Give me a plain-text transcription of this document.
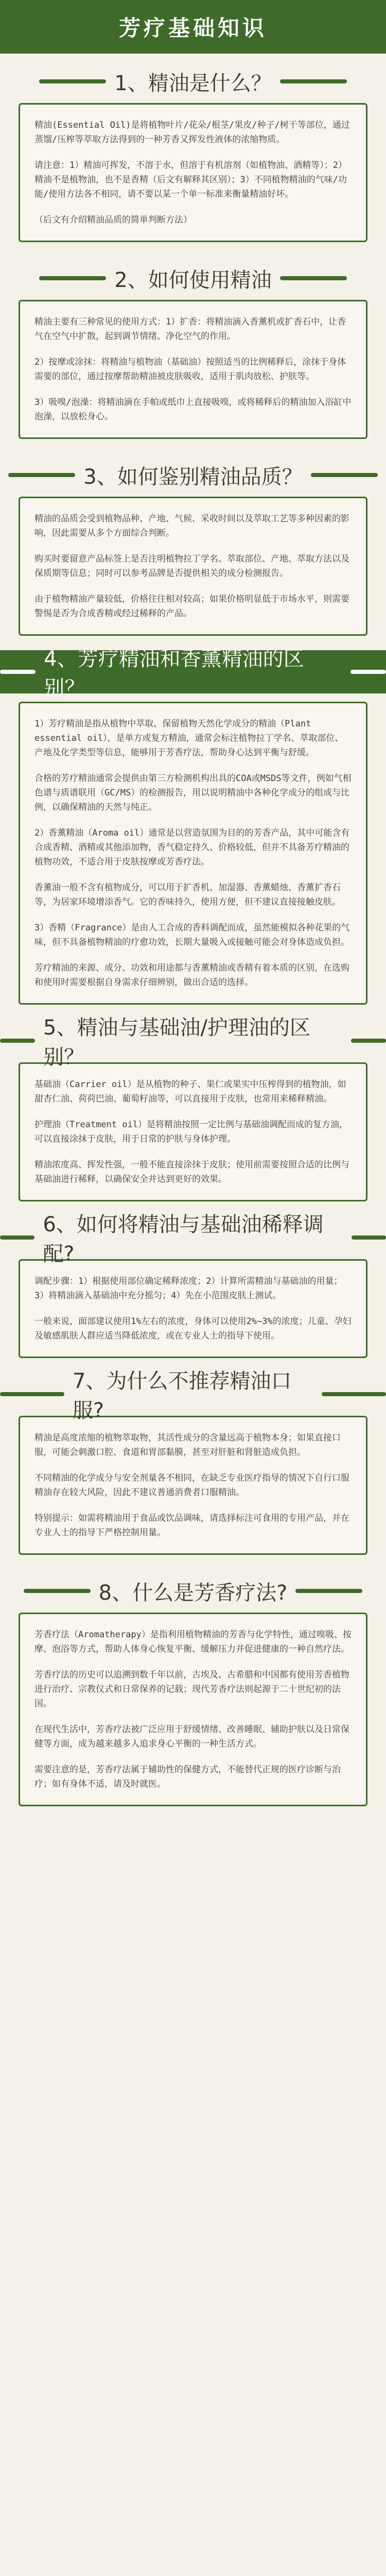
芳疗基础知识
1、精油是什么？

精油(Essential Oil)是将植物叶片/花朵/根茎/果皮/种子/树干等部位，通过蒸馏/压榨等萃取方法得到的一种芳香又挥发性液体的浓缩物质。

请注意：1）精油可挥发，不溶于水，但溶于有机溶剂（如植物油、酒精等）；2）精油不是植物油，也不是香精（后文有解释其区别）；3）不同植物精油的气味/功能/使用方法各不相同，请不要以某一个单一标准来衡量精油好坏。

（后文有介绍精油品质的简单判断方法）

2、如何使用精油

精油主要有三种常见的使用方式：1）扩香：将精油滴入香薰机或扩香石中，让香气在空气中扩散，起到调节情绪、净化空气的作用。

2）按摩或涂抹：将精油与植物油（基础油）按照适当的比例稀释后，涂抹于身体需要的部位，通过按摩帮助精油被皮肤吸收，适用于肌肉放松、护肤等。

3）吸嗅/泡澡：将精油滴在手帕或纸巾上直接吸嗅，或将稀释后的精油加入浴缸中泡澡，以放松身心。

3、如何鉴别精油品质？

精油的品质会受到植物品种、产地、气候、采收时间以及萃取工艺等多种因素的影响，因此需要从多个方面综合判断。

购买时要留意产品标签上是否注明植物拉丁学名、萃取部位、产地、萃取方法以及保质期等信息；同时可以参考品牌是否提供相关的成分检测报告。

由于植物精油产量较低，价格往往相对较高；如果价格明显低于市场水平，则需要警惕是否为合成香精或经过稀释的产品。

4、芳疗精油和香薰精油的区别？

1）芳疗精油是指从植物中萃取、保留植物天然化学成分的精油（Plant essential oil），是单方或复方精油，通常会标注植物拉丁学名、萃取部位、产地及化学类型等信息，能够用于芳香疗法，帮助身心达到平衡与舒缓。

合格的芳疗精油通常会提供由第三方检测机构出具的COA或MSDS等文件，例如气相色谱与质谱联用（GC/MS）的检测报告，用以说明精油中各种化学成分的组成与比例，以确保精油的天然与纯正。

2）香薰精油（Aroma oil）通常是以营造氛围为目的的芳香产品，其中可能含有合成香精、酒精或其他添加物，香气稳定持久、价格较低，但并不具备芳疗精油的植物功效，不适合用于皮肤按摩或芳香疗法。

香薰油一般不含有植物成分，可以用于扩香机、加湿器、香薰蜡烛、香薰扩香石等，为居家环境增添香气。它的香味持久，使用方便，但不建议直接接触皮肤。

3）香精（Fragrance）是由人工合成的香料调配而成，虽然能模拟各种花果的气味，但不具备植物精油的疗愈功效，长期大量吸入或接触可能会对身体造成负担。

芳疗精油的来源、成分、功效和用途都与香薰精油或香精有着本质的区别，在选购和使用时需要根据自身需求仔细辨别，做出合适的选择。

5、精油与基础油/护理油的区别？

基础油（Carrier oil）是从植物的种子、果仁或果实中压榨得到的植物油，如甜杏仁油、荷荷巴油、葡萄籽油等，可以直接用于皮肤，也常用来稀释精油。

护理油（Treatment oil）是将精油按照一定比例与基础油调配而成的复方油，可以直接涂抹于皮肤，用于日常的护肤与身体护理。

精油浓度高、挥发性强，一般不能直接涂抹于皮肤；使用前需要按照合适的比例与基础油进行稀释，以确保安全并达到更好的效果。

6、如何将精油与基础油稀释调配?

调配步骤：1）根据使用部位确定稀释浓度；2）计算所需精油与基础油的用量；3）将精油滴入基础油中充分摇匀；4）先在小范围皮肤上测试。

一般来说，面部建议使用1%左右的浓度，身体可以使用2%~3%的浓度；儿童、孕妇及敏感肌肤人群应适当降低浓度，或在专业人士的指导下使用。

7、为什么不推荐精油口服?

精油是高度浓缩的植物萃取物，其活性成分的含量远高于植物本身；如果直接口服，可能会刺激口腔、食道和胃部黏膜，甚至对肝脏和肾脏造成负担。

不同精油的化学成分与安全剂量各不相同，在缺乏专业医疗指导的情况下自行口服精油存在较大风险，因此不建议普通消费者口服精油。

特别提示：如需将精油用于食品或饮品调味，请选择标注可食用的专用产品，并在专业人士的指导下严格控制用量。

8、什么是芳香疗法?

芳香疗法（Aromatherapy）是指利用植物精油的芳香与化学特性，通过嗅吸、按摩、泡浴等方式，帮助人体身心恢复平衡、缓解压力并促进健康的一种自然疗法。

芳香疗法的历史可以追溯到数千年以前，古埃及、古希腊和中国都有使用芳香植物进行治疗、宗教仪式和日常保养的记载；现代芳香疗法则起源于二十世纪初的法国。

在现代生活中，芳香疗法被广泛应用于舒缓情绪、改善睡眠、辅助护肤以及日常保健等方面，成为越来越多人追求身心平衡的一种生活方式。

需要注意的是，芳香疗法属于辅助性的保健方式，不能替代正规的医疗诊断与治疗；如有身体不适，请及时就医。
